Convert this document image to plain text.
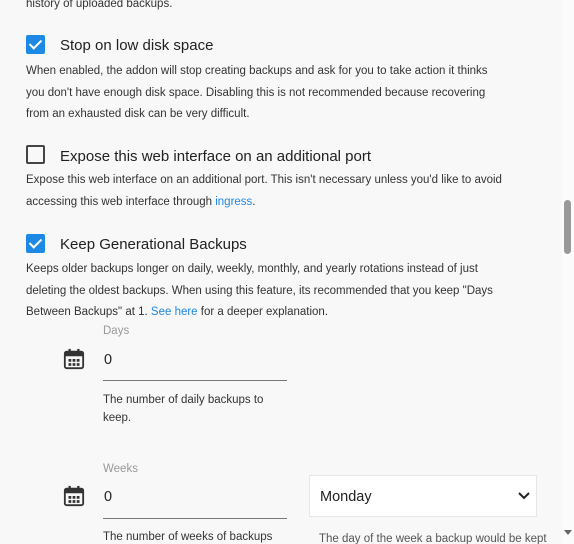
history of uploaded backups.
Stop on low disk space
When enabled, the addon will stop creating backups and ask for you to take action it thinks
you don't have enough disk space. Disabling this is not recommended because recovering
from an exhausted disk can be very difficult.
Expose this web interface on an additional port
Expose this web interface on an additional port. This isn't necessary unless you'd like to avoid
accessing this web interface through ingress.
Keep Generational Backups
Keeps older backups longer on daily, weekly, monthly, and yearly rotations instead of just
deleting the oldest backups. When using this feature, its recommended that you keep "Days
Between Backups" at 1. See here for a deeper explanation.
Days
0
The number of daily backups to
keep.
Weeks
0
The number of weeks of backups
Monday
The day of the week a backup would be kept
